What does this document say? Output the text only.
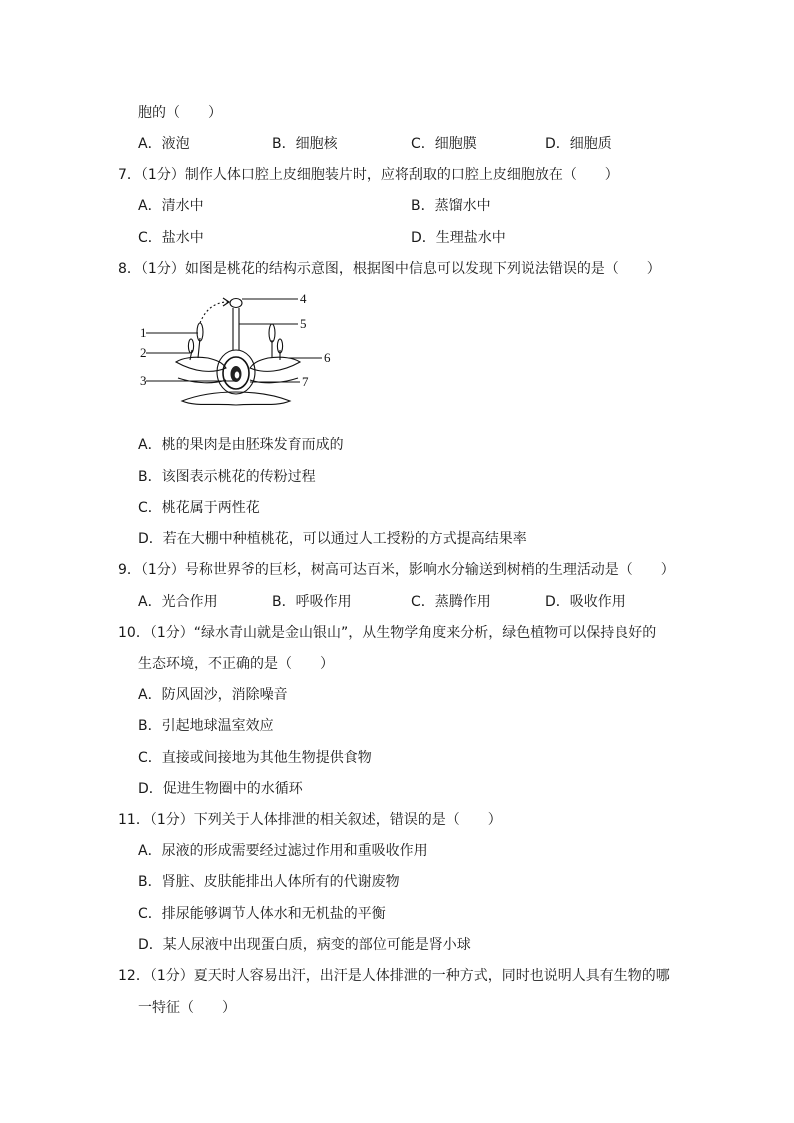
胞的（　　）
A．液泡	B．细胞核	C．细胞膜	D．细胞质
7．（1分）制作人体口腔上皮细胞装片时，应将刮取的口腔上皮细胞放在（　　）
A．清水中	B．蒸馏水中
C．盐水中	D．生理盐水中
8．（1分）如图是桃花的结构示意图，根据图中信息可以发现下列说法错误的是（　　）
1
2
3
4
5
6
7
A．桃的果肉是由胚珠发育而成的
B．该图表示桃花的传粉过程
C．桃花属于两性花
D．若在大棚中种植桃花，可以通过人工授粉的方式提高结果率
9．（1分）号称世界爷的巨杉，树高可达百米，影响水分输送到树梢的生理活动是（　　）
A．光合作用	B．呼吸作用	C．蒸腾作用	D．吸收作用
10．（1分）“绿水青山就是金山银山”，从生物学角度来分析，绿色植物可以保持良好的
生态环境，不正确的是（　　）
A．防风固沙，消除噪音
B．引起地球温室效应
C．直接或间接地为其他生物提供食物
D．促进生物圈中的水循环
11．（1分）下列关于人体排泄的相关叙述，错误的是（　　）
A．尿液的形成需要经过滤过作用和重吸收作用
B．肾脏、皮肤能排出人体所有的代谢废物
C．排尿能够调节人体水和无机盐的平衡
D．某人尿液中出现蛋白质，病变的部位可能是肾小球
12．（1分）夏天时人容易出汗，出汗是人体排泄的一种方式，同时也说明人具有生物的哪
一特征（　　）
